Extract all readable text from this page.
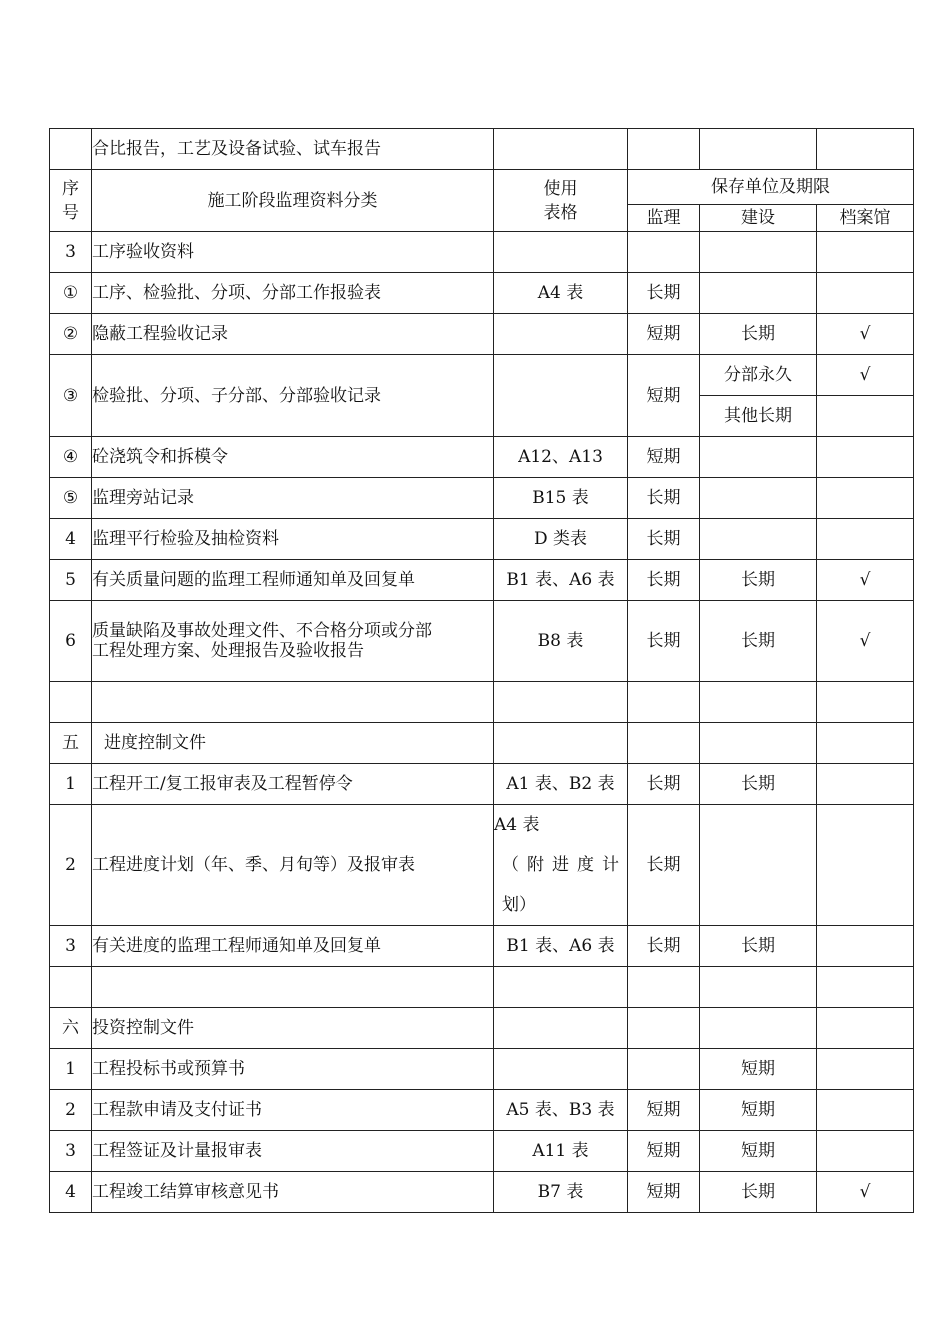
	合比报告，工艺及设备试验、试车报告				
序
号	施工阶段监理资料分类	使用
表格	保存单位及期限		
			监理	建设	档案馆
3	工序验收资料				
①	工序、检验批、分项、分部工作报验表	A4 表	长期		
②	隐蔽工程验收记录		短期	长期	√
③	检验批、分项、子分部、分部验收记录		短期	分部永久	√
				其他长期	
④	砼浇筑令和拆模令	A12、A13	短期		
⑤	监理旁站记录	B15 表	长期		
4	监理平行检验及抽检资料	D 类表	长期		
5	有关质量问题的监理工程师通知单及回复单	B1 表、A6 表	长期	长期	√
6	质量缺陷及事故处理文件、不合格分项或分部
工程处理方案、处理报告及验收报告	B8 表	长期	长期	√

五	进度控制文件				
1	工程开工/复工报审表及工程暂停令	A1 表、B2 表	长期	长期	
2	工程进度计划（年、季、月旬等）及报审表	A4 表
（附进度计
划）	长期		
3	有关进度的监理工程师通知单及回复单	B1 表、A6 表	长期	长期	

六	投资控制文件				
1	工程投标书或预算书			短期	
2	工程款申请及支付证书	A5 表、B3 表	短期	短期	
3	工程签证及计量报审表	A11 表	短期	短期	
4	工程竣工结算审核意见书	B7 表	短期	长期	√
